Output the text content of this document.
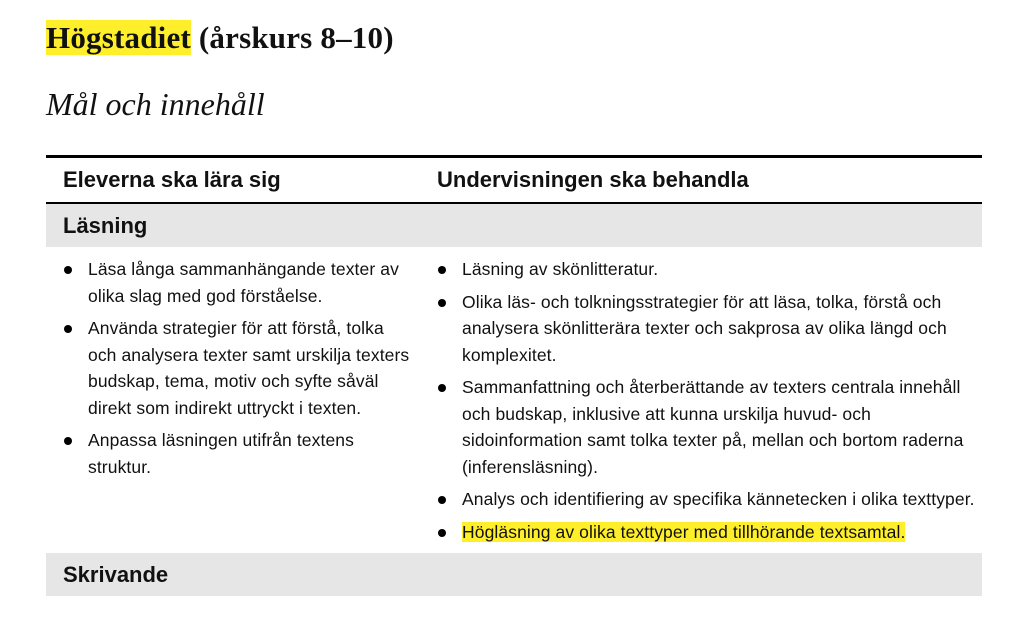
Högstadiet (årskurs 8–10)
Mål och innehåll
Eleverna ska lära sig	Undervisningen ska behandla
Läsning
Läsa långa sammanhängande texter av olika slag med god förståelse.
Använda strategier för att förstå, tolka och analysera texter samt urskilja texters budskap, tema, motiv och syfte såväl direkt som indirekt uttryckt i texten.
Anpassa läsningen utifrån textens struktur.
Läsning av skönlitteratur.
Olika läs- och tolkningsstrategier för att läsa, tolka, förstå och analysera skönlitterära texter och sakprosa av olika längd och komplexitet.
Sammanfattning och återberättande av texters centrala innehåll och budskap, inklusive att kunna urskilja huvud- och sidoinformation samt tolka texter på, mellan och bortom raderna (inferensläsning).
Analys och identifiering av specifika kännetecken i olika texttyper.
Högläsning av olika texttyper med tillhörande textsamtal.
Skrivande
